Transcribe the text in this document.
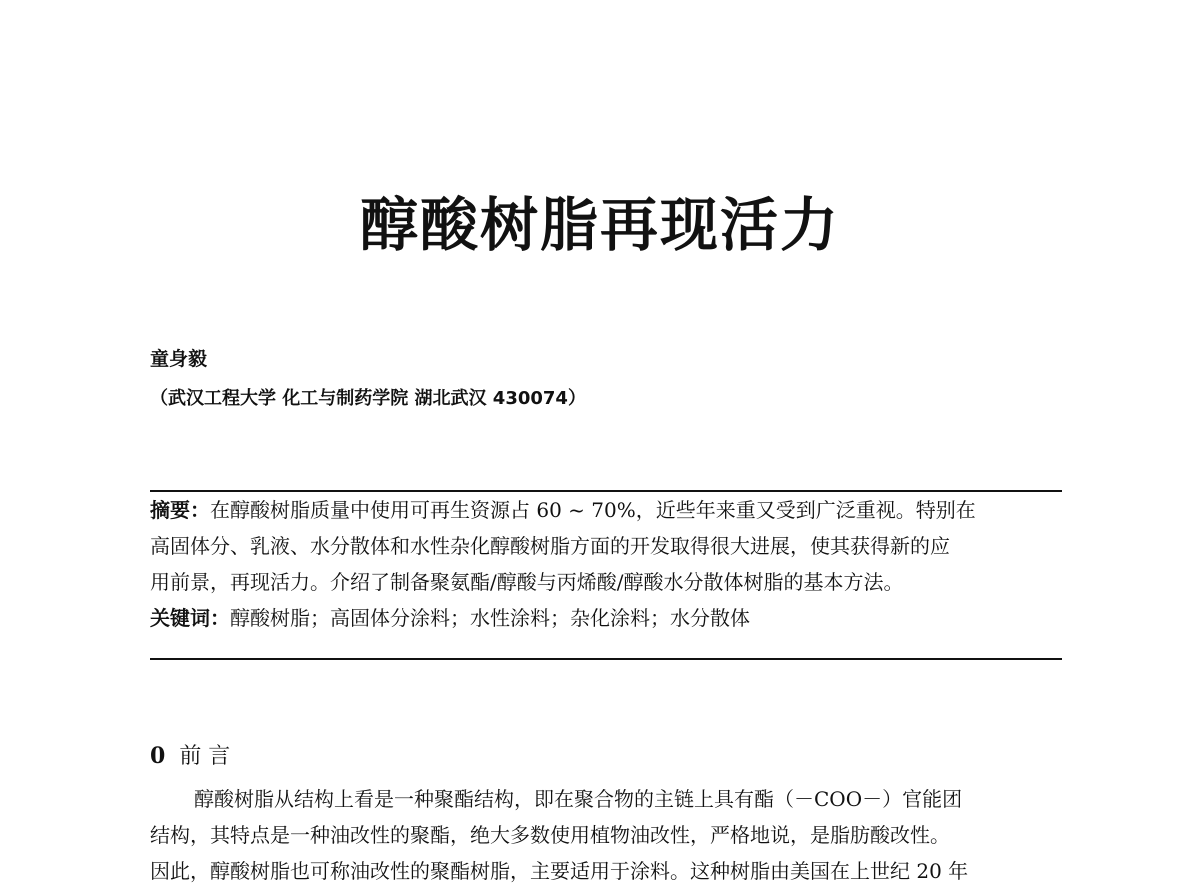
醇酸树脂再现活力
童身毅
（武汉工程大学 化工与制药学院 湖北武汉 430074）
摘要：在醇酸树脂质量中使用可再生资源占 60 ~ 70%，近些年来重又受到广泛重视。特别在
高固体分、乳液、水分散体和水性杂化醇酸树脂方面的开发取得很大进展，使其获得新的应
用前景，再现活力。介绍了制备聚氨酯/醇酸与丙烯酸/醇酸水分散体树脂的基本方法。
关键词：醇酸树脂；高固体分涂料；水性涂料；杂化涂料；水分散体
0 前 言
醇酸树脂从结构上看是一种聚酯结构，即在聚合物的主链上具有酯（－COO－）官能团
结构，其特点是一种油改性的聚酯，绝大多数使用植物油改性，严格地说，是脂肪酸改性。
因此，醇酸树脂也可称油改性的聚酯树脂，主要适用于涂料。这种树脂由美国在上世纪 20 年
